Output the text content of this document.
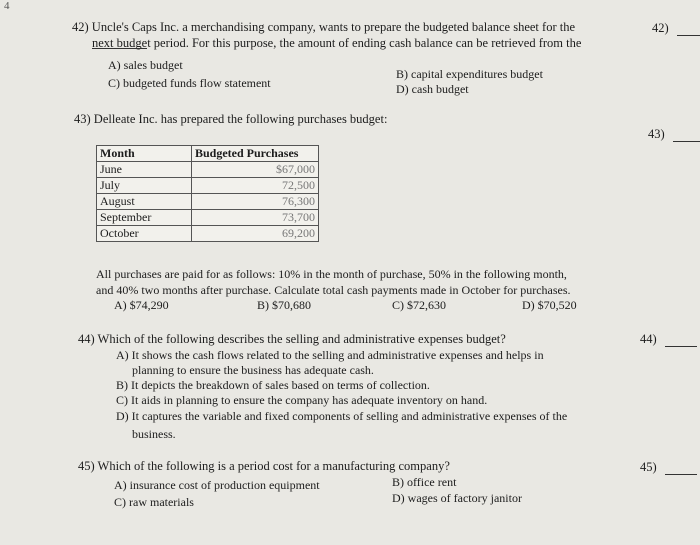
4
42) Uncle's Caps Inc. a merchandising company, wants to prepare the budgeted balance sheet for the
next budget period. For this purpose, the amount of ending cash balance can be retrieved from the
42)
A) sales budget
B) capital expenditures budget
C) budgeted funds flow statement	D) cash budget
43) Delleate Inc. has prepared the following purchases budget:
43)
Month	Budgeted Purchases
June	$67,000
July	72,500
August	76,300
September	73,700
October	69,200
All purchases are paid for as follows: 10% in the month of purchase, 50% in the following month,
and 40% two months after purchase. Calculate total cash payments made in October for purchases.
A) $74,290	B) $70,680	C) $72,630	D) $70,520
44) Which of the following describes the selling and administrative expenses budget?	44)
A) It shows the cash flows related to the selling and administrative expenses and helps in
planning to ensure the business has adequate cash.
B) It depicts the breakdown of sales based on terms of collection.
C) It aids in planning to ensure the company has adequate inventory on hand.
D) It captures the variable and fixed components of selling and administrative expenses of the
business.
45) Which of the following is a period cost for a manufacturing company?	45)
A) insurance cost of production equipment	B) office rent
C) raw materials	D) wages of factory janitor
